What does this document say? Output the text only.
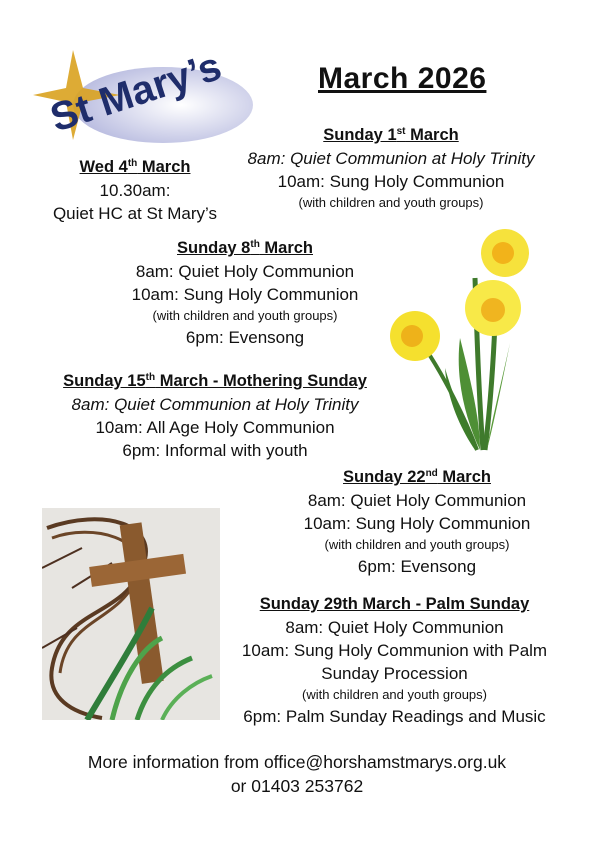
St Mary’s	March 2026
Sunday 1st March
8am: Quiet Communion at Holy Trinity
10am: Sung Holy Communion
(with children and youth groups)
Wed 4th March
10.30am:
Quiet HC at St Mary’s
Sunday 8th March
8am: Quiet Holy Communion
10am: Sung Holy Communion
(with children and youth groups)
6pm: Evensong
Sunday 15th March - Mothering Sunday
8am: Quiet Communion at Holy Trinity
10am: All Age Holy Communion
6pm: Informal with youth
Sunday 22nd March
8am: Quiet Holy Communion
10am: Sung Holy Communion
(with children and youth groups)
6pm: Evensong
Sunday 29th March - Palm Sunday
8am: Quiet Holy Communion
10am: Sung Holy Communion with Palm
Sunday Procession
(with children and youth groups)
6pm: Palm Sunday Readings and Music
More information from office@horshamstmarys.org.uk
or 01403 253762
